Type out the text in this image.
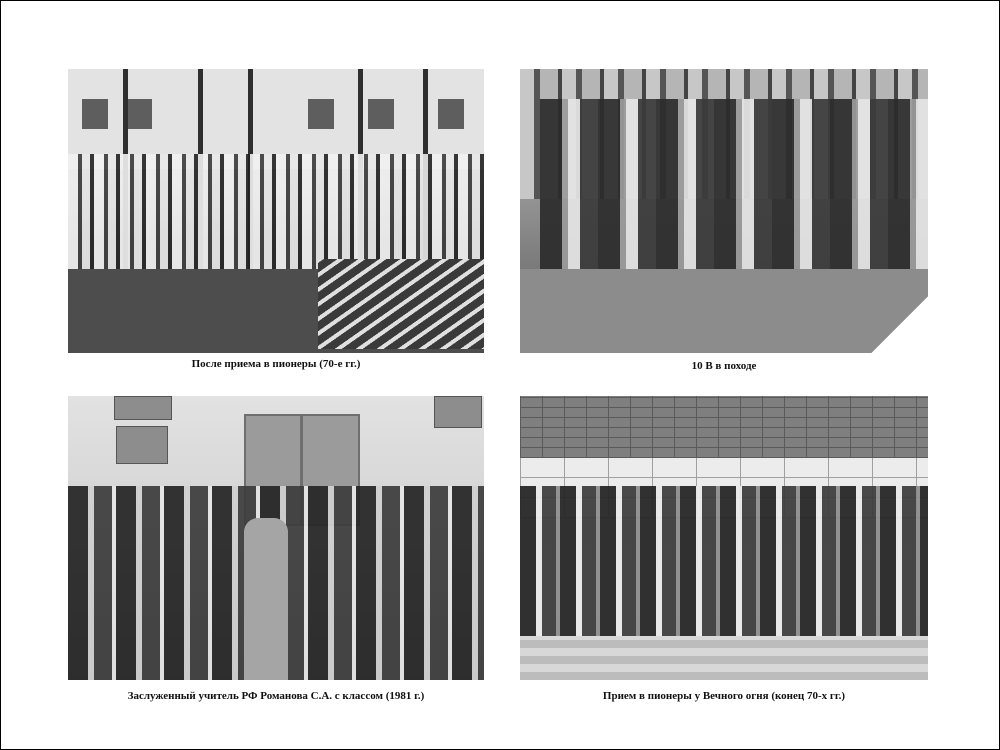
После приема в пионеры (70-е гг.)	10 В в походе
Заслуженный учитель РФ Романова С.А. с классом (1981 г.)	Прием в пионеры у Вечного огня (конец 70-х гг.)
